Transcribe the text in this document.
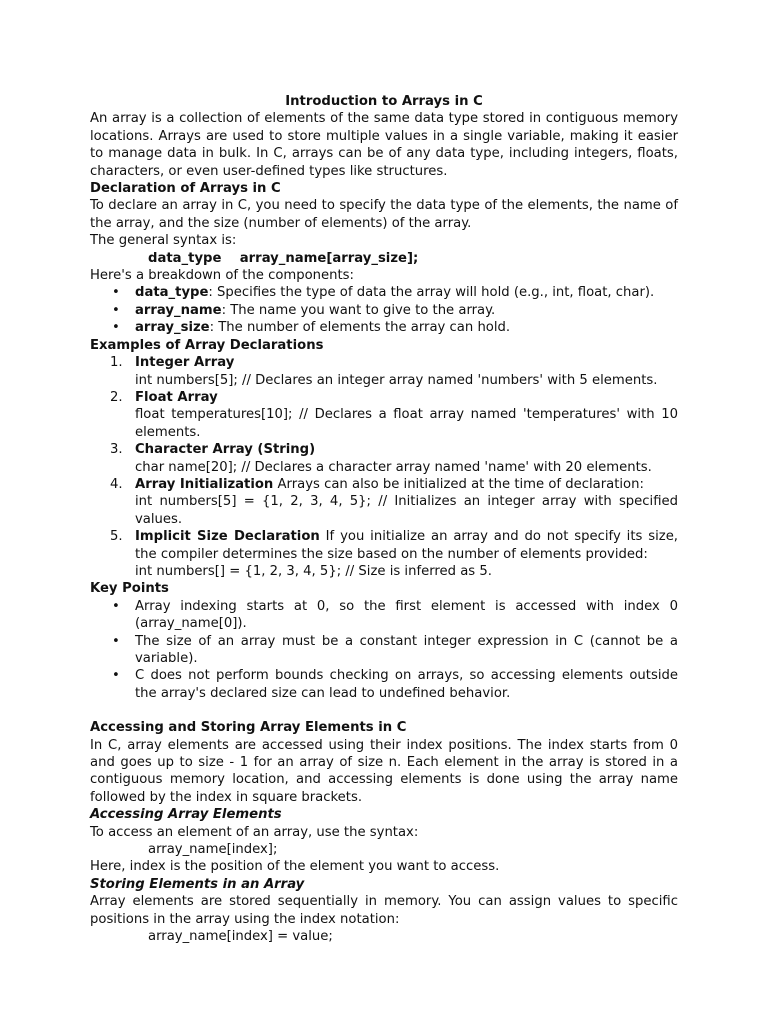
Introduction to Arrays in C

An array is a collection of elements of the same data type stored in contiguous memory locations. Arrays are used to store multiple values in a single variable, making it easier to manage data in bulk. In C, arrays can be of any data type, including integers, floats, characters, or even user-defined types like structures.

Declaration of Arrays in C

To declare an array in C, you need to specify the data type of the elements, the name of the array, and the size (number of elements) of the array.

The general syntax is:

data_type    array_name[array_size];

Here's a breakdown of the components:

• data_type: Specifies the type of data the array will hold (e.g., int, float, char).
• array_name: The name you want to give to the array.
• array_size: The number of elements the array can hold.

Examples of Array Declarations

1. Integer Array
int numbers[5]; // Declares an integer array named 'numbers' with 5 elements.
2. Float Array
float temperatures[10]; // Declares a float array named 'temperatures' with 10 elements.
3. Character Array (String)
char name[20]; // Declares a character array named 'name' with 20 elements.
4. Array Initialization Arrays can also be initialized at the time of declaration:
int numbers[5] = {1, 2, 3, 4, 5}; // Initializes an integer array with specified values.
5. Implicit Size Declaration If you initialize an array and do not specify its size, the compiler determines the size based on the number of elements provided:
int numbers[] = {1, 2, 3, 4, 5}; // Size is inferred as 5.

Key Points

• Array indexing starts at 0, so the first element is accessed with index 0 (array_name[0]).
• The size of an array must be a constant integer expression in C (cannot be a variable).
• C does not perform bounds checking on arrays, so accessing elements outside the array's declared size can lead to undefined behavior.

Accessing and Storing Array Elements in C

In C, array elements are accessed using their index positions. The index starts from 0 and goes up to size - 1 for an array of size n. Each element in the array is stored in a contiguous memory location, and accessing elements is done using the array name followed by the index in square brackets.

Accessing Array Elements

To access an element of an array, use the syntax:

array_name[index];

Here, index is the position of the element you want to access.

Storing Elements in an Array

Array elements are stored sequentially in memory. You can assign values to specific positions in the array using the index notation:

array_name[index] = value;
